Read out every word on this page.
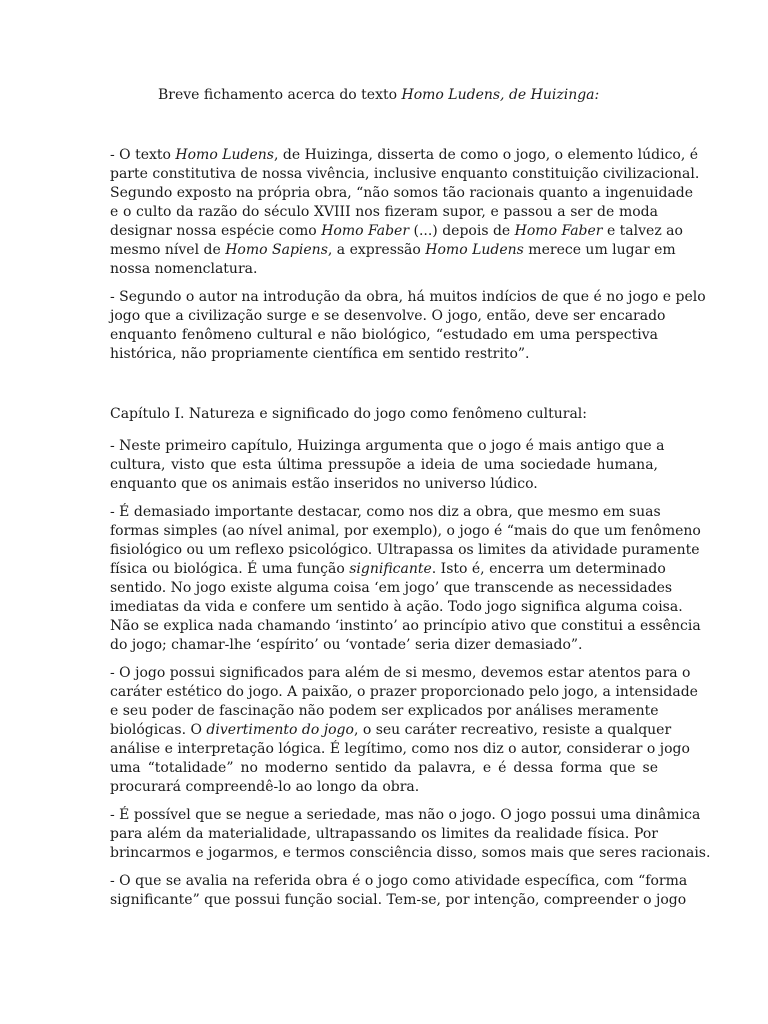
Breve fichamento acerca do texto Homo Ludens, de Huizinga:

- O texto Homo Ludens, de Huizinga, disserta de como o jogo, o elemento lúdico, é
parte constitutiva de nossa vivência, inclusive enquanto constituição civilizacional.
Segundo exposto na própria obra, “não somos tão racionais quanto a ingenuidade
e o culto da razão do século XVIII nos fizeram supor, e passou a ser de moda
designar nossa espécie como Homo Faber (...) depois de Homo Faber e talvez ao
mesmo nível de Homo Sapiens, a expressão Homo Ludens merece um lugar em
nossa nomenclatura.

- Segundo o autor na introdução da obra, há muitos indícios de que é no jogo e pelo
jogo que a civilização surge e se desenvolve. O jogo, então, deve ser encarado
enquanto fenômeno cultural e não biológico, “estudado em uma perspectiva
histórica, não propriamente científica em sentido restrito”.

Capítulo I. Natureza e significado do jogo como fenômeno cultural:

- Neste primeiro capítulo, Huizinga argumenta que o jogo é mais antigo que a
cultura, visto que esta última pressupõe a ideia de uma sociedade humana,
enquanto que os animais estão inseridos no universo lúdico.

- É demasiado importante destacar, como nos diz a obra, que mesmo em suas
formas simples (ao nível animal, por exemplo), o jogo é “mais do que um fenômeno
fisiológico ou um reflexo psicológico. Ultrapassa os limites da atividade puramente
física ou biológica. É uma função significante. Isto é, encerra um determinado
sentido. No jogo existe alguma coisa ‘em jogo’ que transcende as necessidades
imediatas da vida e confere um sentido à ação. Todo jogo significa alguma coisa.
Não se explica nada chamando ‘instinto’ ao princípio ativo que constitui a essência
do jogo; chamar-lhe ‘espírito’ ou ‘vontade’ seria dizer demasiado”.

- O jogo possui significados para além de si mesmo, devemos estar atentos para o
caráter estético do jogo. A paixão, o prazer proporcionado pelo jogo, a intensidade
e seu poder de fascinação não podem ser explicados por análises meramente
biológicas. O divertimento do jogo, o seu caráter recreativo, resiste a qualquer
análise e interpretação lógica. É legítimo, como nos diz o autor, considerar o jogo
uma “totalidade” no moderno sentido da palavra, e é dessa forma que se
procurará compreendê-lo ao longo da obra.

- É possível que se negue a seriedade, mas não o jogo. O jogo possui uma dinâmica
para além da materialidade, ultrapassando os limites da realidade física. Por
brincarmos e jogarmos, e termos consciência disso, somos mais que seres racionais.

- O que se avalia na referida obra é o jogo como atividade específica, com “forma
significante” que possui função social. Tem-se, por intenção, compreender o jogo
